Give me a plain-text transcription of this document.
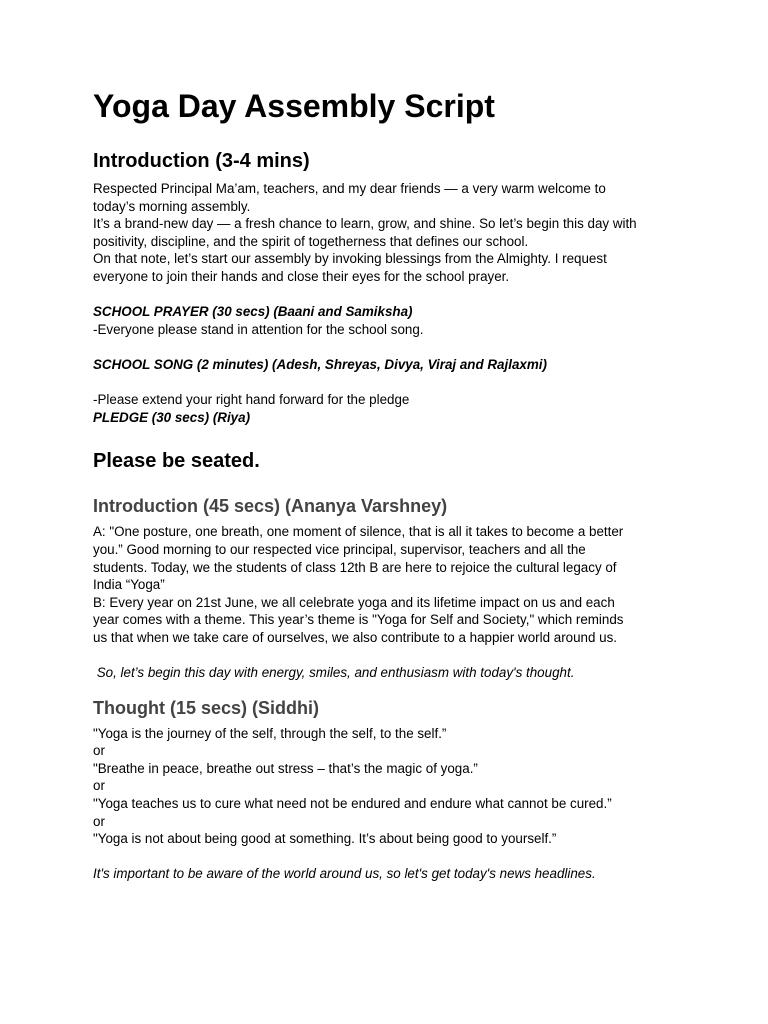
Yoga Day Assembly Script
Introduction (3-4 mins)
Respected Principal Ma’am, teachers, and my dear friends — a very warm welcome to
today’s morning assembly.
It’s a brand-new day — a fresh chance to learn, grow, and shine. So let’s begin this day with
positivity, discipline, and the spirit of togetherness that defines our school.
On that note, let’s start our assembly by invoking blessings from the Almighty. I request
everyone to join their hands and close their eyes for the school prayer.
SCHOOL PRAYER (30 secs) (Baani and Samiksha)
-Everyone please stand in attention for the school song.
SCHOOL SONG (2 minutes) (Adesh, Shreyas, Divya, Viraj and Rajlaxmi)
-Please extend your right hand forward for the pledge
PLEDGE (30 secs) (Riya)
Please be seated.
Introduction (45 secs) (Ananya Varshney)
A: "One posture, one breath, one moment of silence, that is all it takes to become a better
you.” Good morning to our respected vice principal, supervisor, teachers and all the
students. Today, we the students of class 12th B are here to rejoice the cultural legacy of
India “Yoga”
B: Every year on 21st June, we all celebrate yoga and its lifetime impact on us and each
year comes with a theme. This year’s theme is "Yoga for Self and Society," which reminds
us that when we take care of ourselves, we also contribute to a happier world around us.
So, let’s begin this day with energy, smiles, and enthusiasm with today's thought.
Thought (15 secs) (Siddhi)
"Yoga is the journey of the self, through the self, to the self.”
or
"Breathe in peace, breathe out stress – that’s the magic of yoga.”
or
"Yoga teaches us to cure what need not be endured and endure what cannot be cured.”
or
"Yoga is not about being good at something. It’s about being good to yourself.”
It's important to be aware of the world around us, so let's get today's news headlines.
